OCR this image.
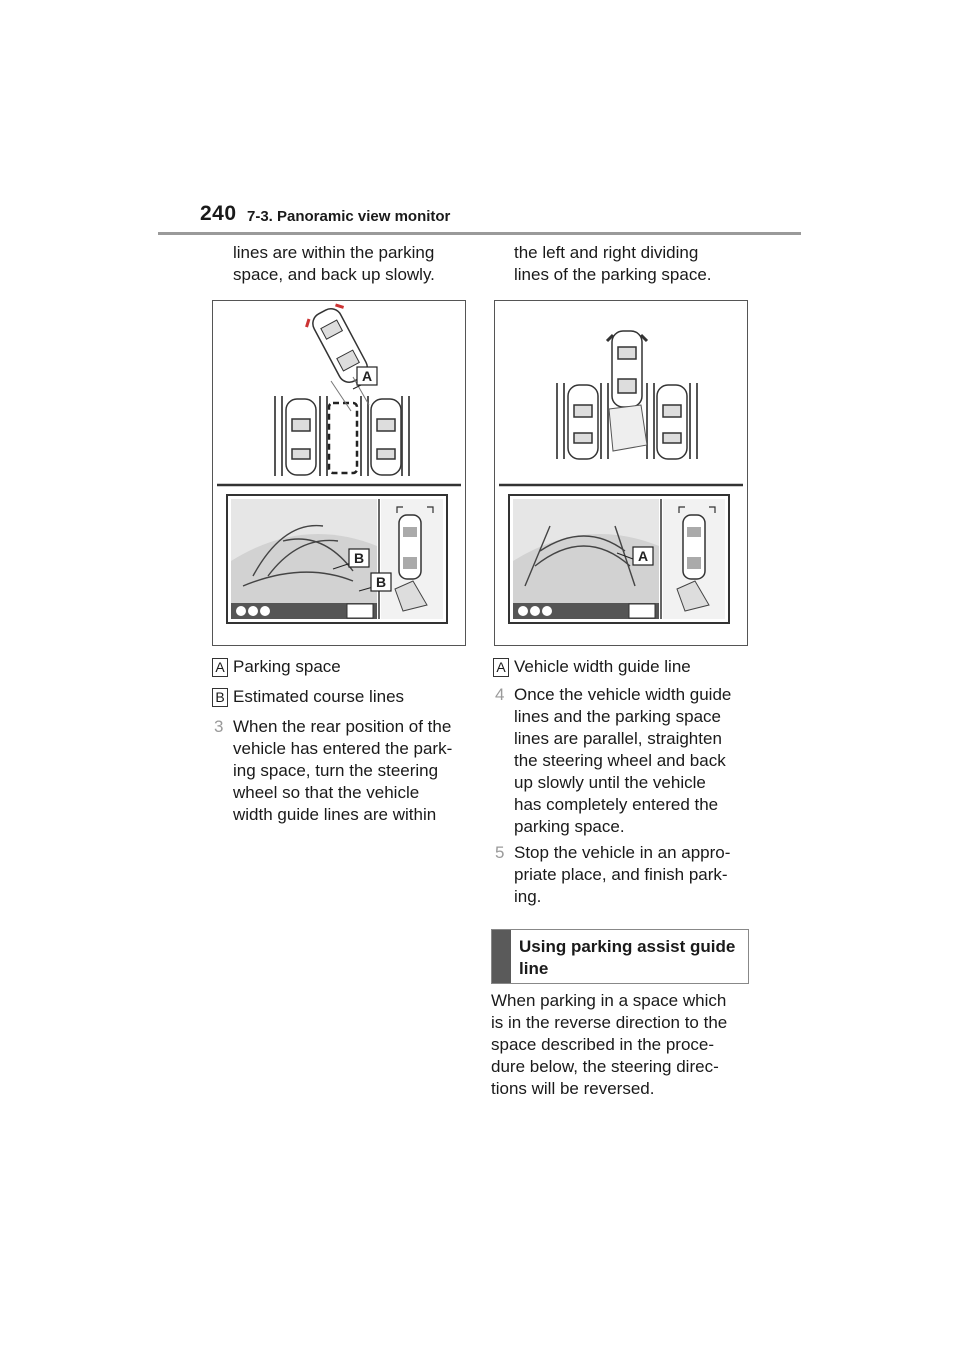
240 7-3. Panoramic view monitor
lines are within the parking
space, and back up slowly.
the left and right dividing
lines of the parking space.
A
B
B
A
A Parking space
B Estimated course lines
3 When the rear position of the
vehicle has entered the park-
ing space, turn the steering
wheel so that the vehicle
width guide lines are within
A Vehicle width guide line
4 Once the vehicle width guide
lines and the parking space
lines are parallel, straighten
the steering wheel and back
up slowly until the vehicle
has completely entered the
parking space.
5 Stop the vehicle in an appro-
priate place, and finish park-
ing.
Using parking assist guide
line
When parking in a space which
is in the reverse direction to the
space described in the proce-
dure below, the steering direc-
tions will be reversed.
